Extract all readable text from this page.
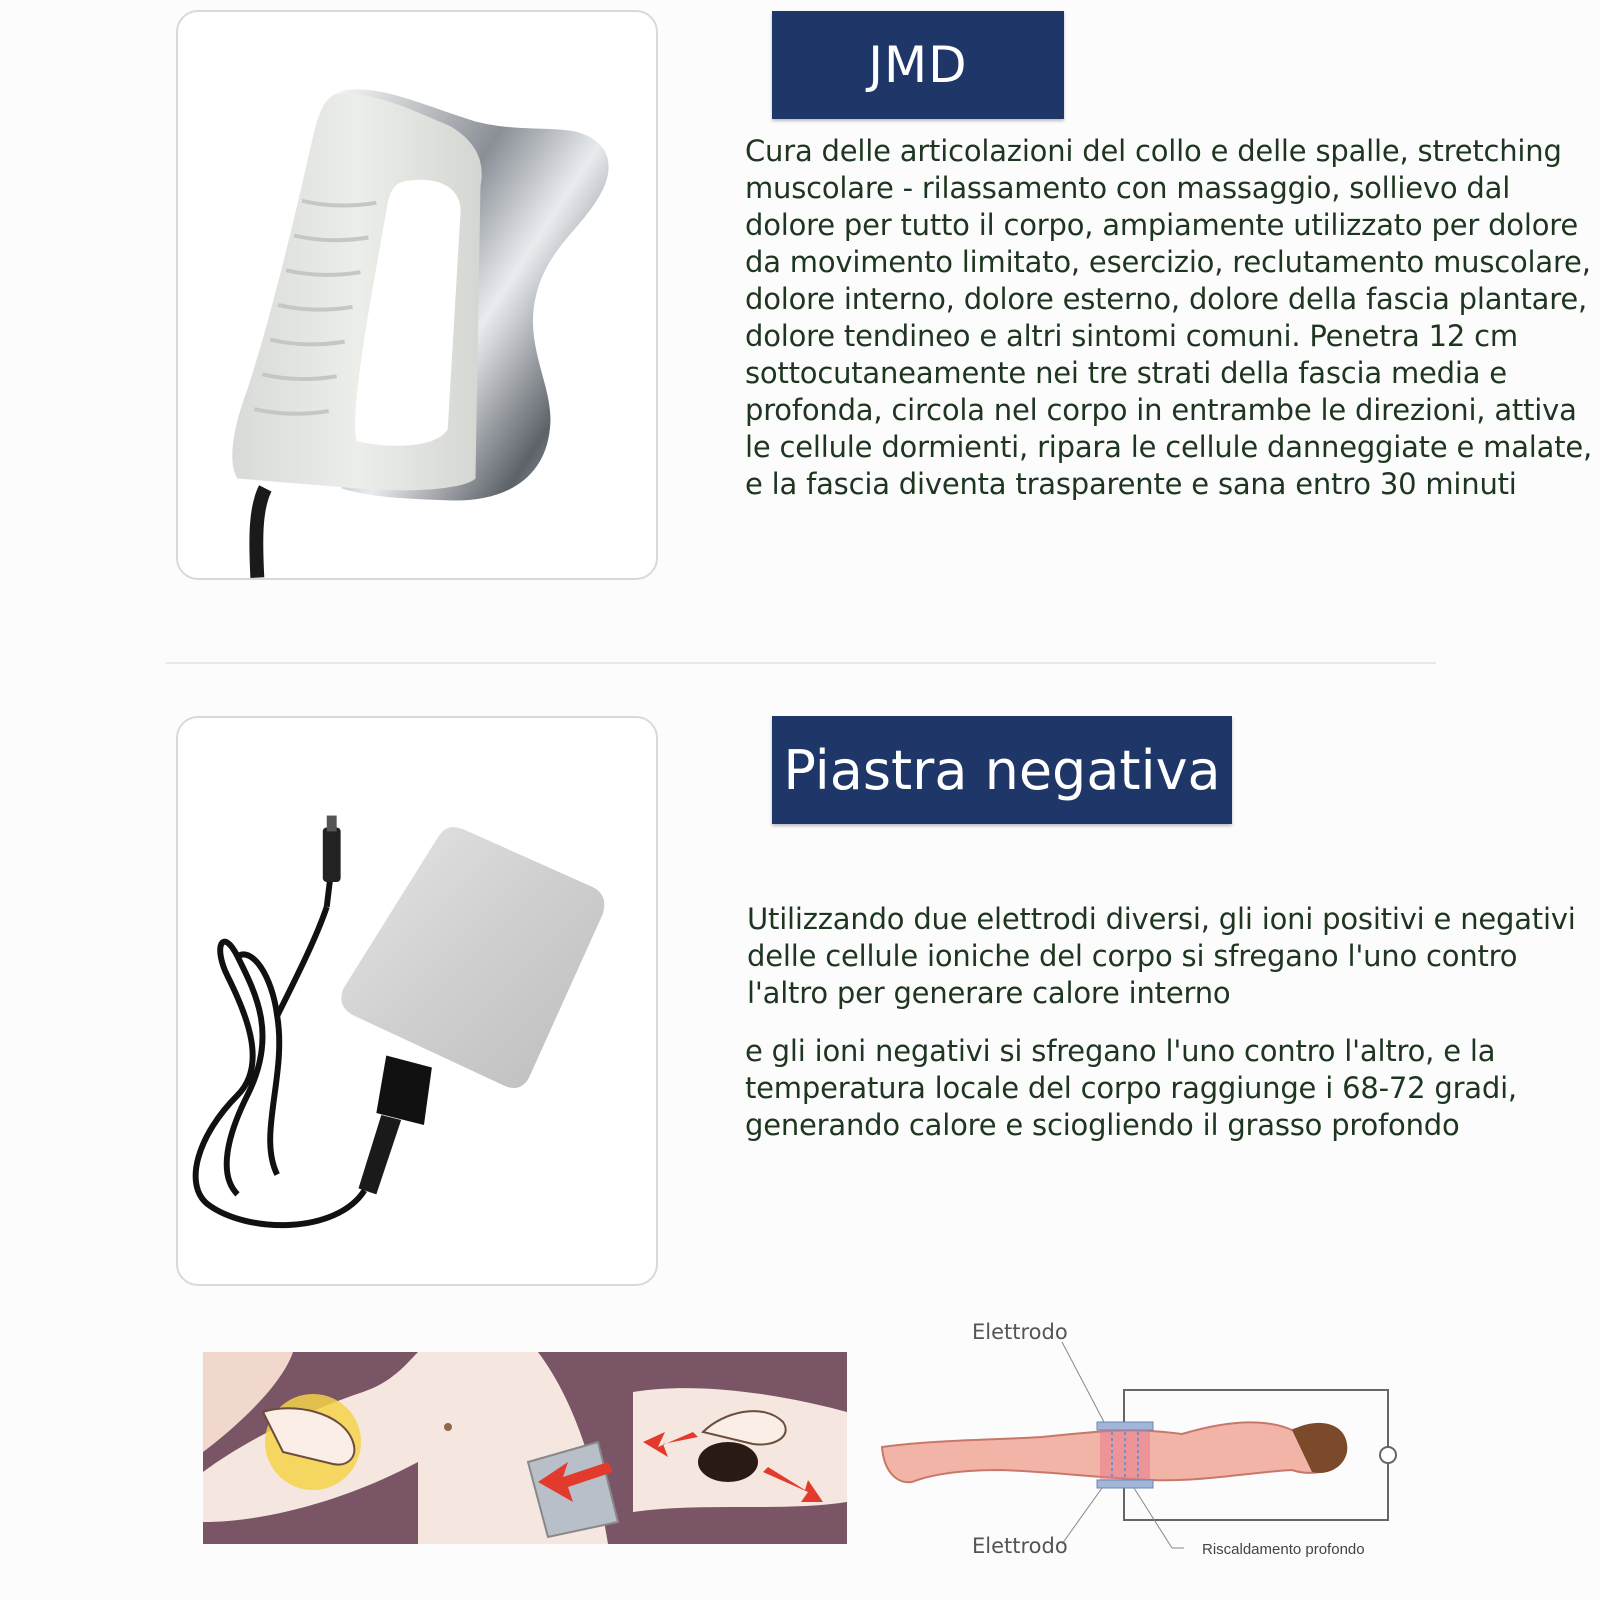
JMD
Cura delle articolazioni del collo e delle spalle, stretching muscolare - rilassamento con massaggio, sollievo dal dolore per tutto il corpo, ampiamente utilizzato per dolore da movimento limitato, esercizio, reclutamento muscolare, dolore interno, dolore esterno, dolore della fascia plantare, dolore tendineo e altri sintomi comuni. Penetra 12 cm sottocutaneamente nei tre strati della fascia media e profonda, circola nel corpo in entrambe le direzioni, attiva le cellule dormienti, ripara le cellule danneggiate e malate, e la fascia diventa trasparente e sana entro 30 minuti
Piastra negativa
Utilizzando due elettrodi diversi, gli ioni positivi e negativi delle cellule ioniche del corpo si sfregano l'uno contro l'altro per generare calore interno
e gli ioni negativi si sfregano l'uno contro l'altro, e la temperatura locale del corpo raggiunge i 68-72 gradi, generando calore e sciogliendo il grasso profondo
Elettrodo
Elettrodo	Riscaldamento profondo
